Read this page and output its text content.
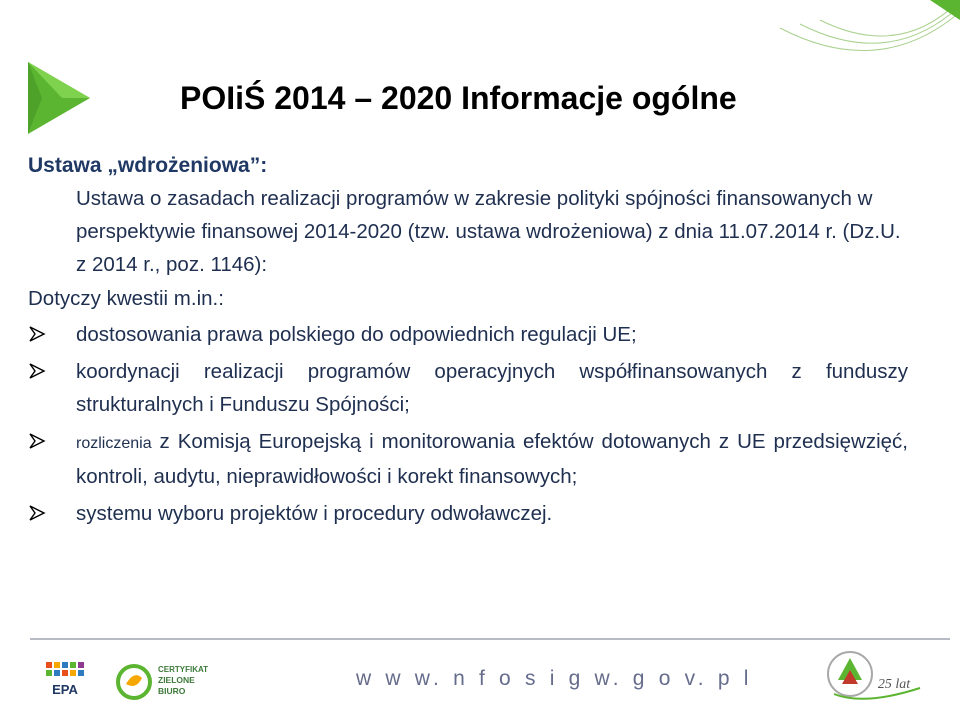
POIiŚ 2014 – 2020 Informacje ogólne
Ustawa „wdrożeniowa”:
Ustawa o zasadach realizacji programów w zakresie polityki spójności finansowanych w perspektywie finansowej 2014-2020 (tzw. ustawa wdrożeniowa) z dnia 11.07.2014 r. (Dz.U. z 2014 r., poz. 1146):
Dotyczy kwestii m.in.:
dostosowania prawa polskiego do odpowiednich regulacji UE;
koordynacji realizacji programów operacyjnych współfinansowanych z funduszy strukturalnych i Funduszu Spójności;
rozliczenia z Komisją Europejską i monitorowania efektów dotowanych z UE przedsięwzięć, kontroli, audytu, nieprawidłowości i korekt finansowych;
systemu wyboru projektów i procedury odwoławczej.
EPA
CERTYFIKAT
ZIELONE
BIURO
w w w. n f o s i g w. g o v. p l	25 lat
